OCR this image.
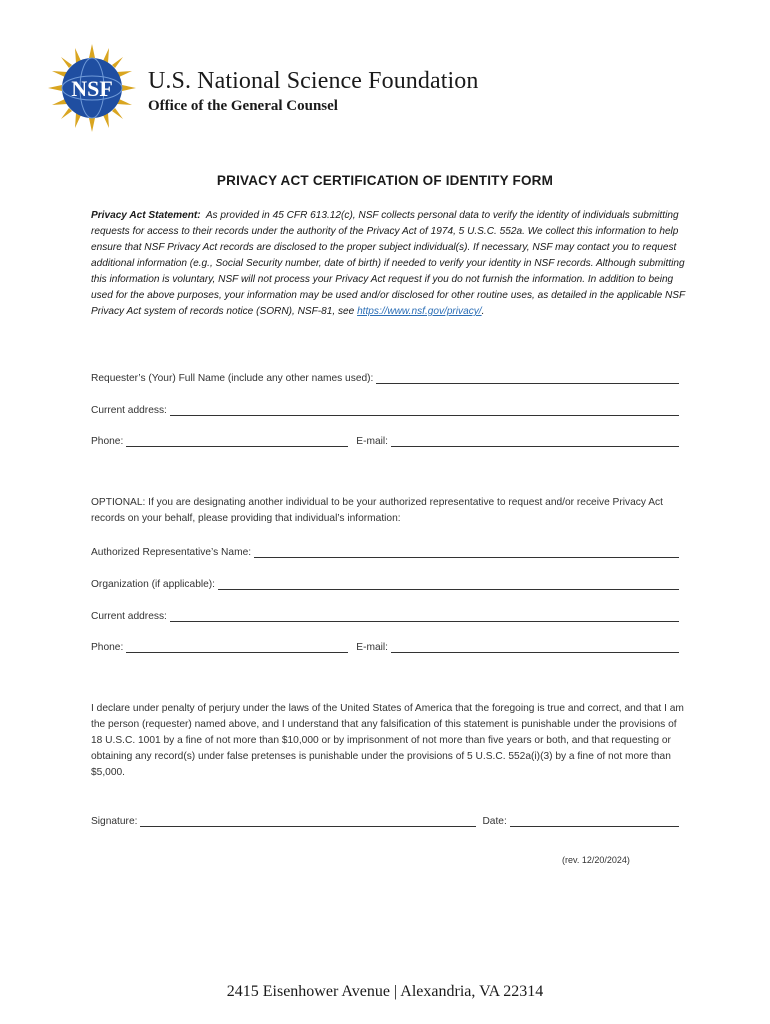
NSF U.S. National Science Foundation
Office of the General Counsel
PRIVACY ACT CERTIFICATION OF IDENTITY FORM
Privacy Act Statement: As provided in 45 CFR 613.12(c), NSF collects personal data to verify the identity of individuals submitting requests for access to their records under the authority of the Privacy Act of 1974, 5 U.S.C. 552a. We collect this information to help ensure that NSF Privacy Act records are disclosed to the proper subject individual(s). If necessary, NSF may contact you to request additional information (e.g., Social Security number, date of birth) if needed to verify your identity in NSF records. Although submitting this information is voluntary, NSF will not process your Privacy Act request if you do not furnish the information. In addition to being used for the above purposes, your information may be used and/or disclosed for other routine uses, as detailed in the applicable NSF Privacy Act system of records notice (SORN), NSF-81, see https://www.nsf.gov/privacy/.
Requester’s (Your) Full Name (include any other names used):
Current address:
Phone:	E-mail:
OPTIONAL: If you are designating another individual to be your authorized representative to request and/or receive Privacy Act records on your behalf, please providing that individual’s information:
Authorized Representative’s Name:
Organization (if applicable):
Current address:
Phone:	E-mail:
I declare under penalty of perjury under the laws of the United States of America that the foregoing is true and correct, and that I am the person (requester) named above, and I understand that any falsification of this statement is punishable under the provisions of 18 U.S.C. 1001 by a fine of not more than $10,000 or by imprisonment of not more than five years or both, and that requesting or obtaining any record(s) under false pretenses is punishable under the provisions of 5 U.S.C. 552a(i)(3) by a fine of not more than $5,000.
Signature:	Date:
(rev. 12/20/2024)
2415 Eisenhower Avenue | Alexandria, VA 22314
